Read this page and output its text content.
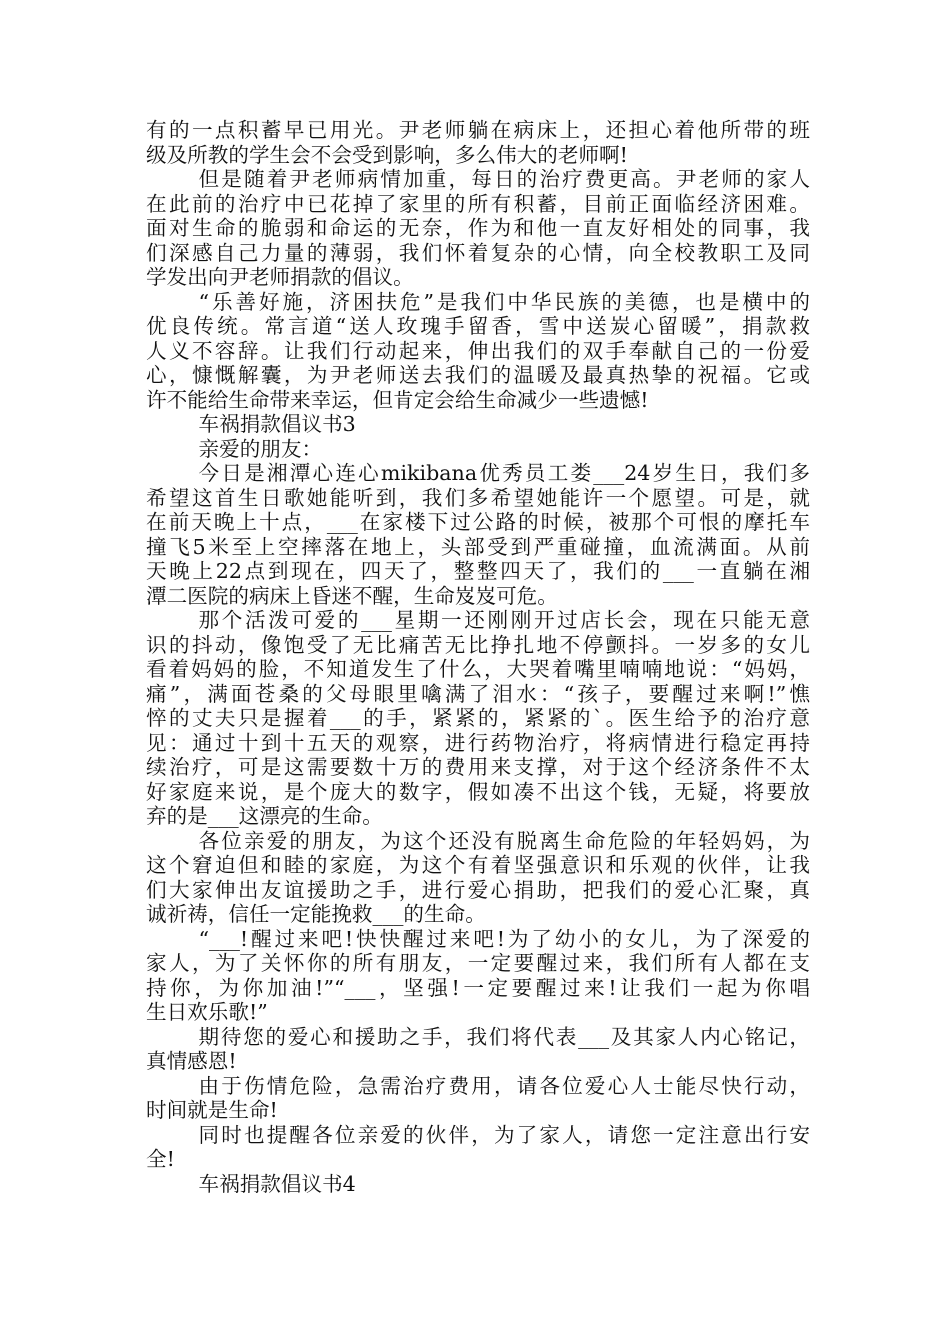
有的一点积蓄早已用光。尹老师躺在病床上，还担心着他所带的班

级及所教的学生会不会受到影响，多么伟大的老师啊!

但是随着尹老师病情加重，每日的治疗费更高。尹老师的家人

在此前的治疗中已花掉了家里的所有积蓄，目前正面临经济困难。

面对生命的脆弱和命运的无奈，作为和他一直友好相处的同事，我

们深感自己力量的薄弱，我们怀着复杂的心情，向全校教职工及同

学发出向尹老师捐款的倡议。

“乐善好施，济困扶危”是我们中华民族的美德，也是横中的

优良传统。常言道“送人玫瑰手留香，雪中送炭心留暖”，捐款救

人义不容辞。让我们行动起来，伸出我们的双手奉献自己的一份爱

心，慷慨解囊，为尹老师送去我们的温暖及最真热挚的祝福。它或

许不能给生命带来幸运，但肯定会给生命减少一些遗憾!

车祸捐款倡议书3

亲爱的朋友：

今日是湘潭心连心mikibana优秀员工娄___24岁生日，我们多

希望这首生日歌她能听到，我们多希望她能许一个愿望。可是，就

在前天晚上十点，___在家楼下过公路的时候，被那个可恨的摩托车

撞飞5米至上空摔落在地上，头部受到严重碰撞，血流满面。从前

天晚上22点到现在，四天了，整整四天了，我们的___一直躺在湘

潭二医院的病床上昏迷不醒，生命岌岌可危。

那个活泼可爱的___星期一还刚刚开过店长会，现在只能无意

识的抖动，像饱受了无比痛苦无比挣扎地不停颤抖。一岁多的女儿

看着妈妈的脸，不知道发生了什么，大哭着嘴里喃喃地说：“妈妈，

痛”，满面苍桑的父母眼里噙满了泪水：“孩子，要醒过来啊!”憔

悴的丈夫只是握着___的手，紧紧的，紧紧的`。医生给予的治疗意

见：通过十到十五天的观察，进行药物治疗，将病情进行稳定再持

续治疗，可是这需要数十万的费用来支撑，对于这个经济条件不太

好家庭来说，是个庞大的数字，假如凑不出这个钱，无疑，将要放

弃的是___这漂亮的生命。

各位亲爱的朋友，为这个还没有脱离生命危险的年轻妈妈，为

这个窘迫但和睦的家庭，为这个有着坚强意识和乐观的伙伴，让我

们大家伸出友谊援助之手，进行爱心捐助，把我们的爱心汇聚，真

诚祈祷，信任一定能挽救___的生命。

“___!醒过来吧!快快醒过来吧!为了幼小的女儿，为了深爱的

家人，为了关怀你的所有朋友，一定要醒过来，我们所有人都在支

持你，为你加油!”“___，坚强!一定要醒过来!让我们一起为你唱

生日欢乐歌!”

期待您的爱心和援助之手，我们将代表___及其家人内心铭记，

真情感恩!

由于伤情危险，急需治疗费用，请各位爱心人士能尽快行动，

时间就是生命!

同时也提醒各位亲爱的伙伴，为了家人，请您一定注意出行安

全!

车祸捐款倡议书4
